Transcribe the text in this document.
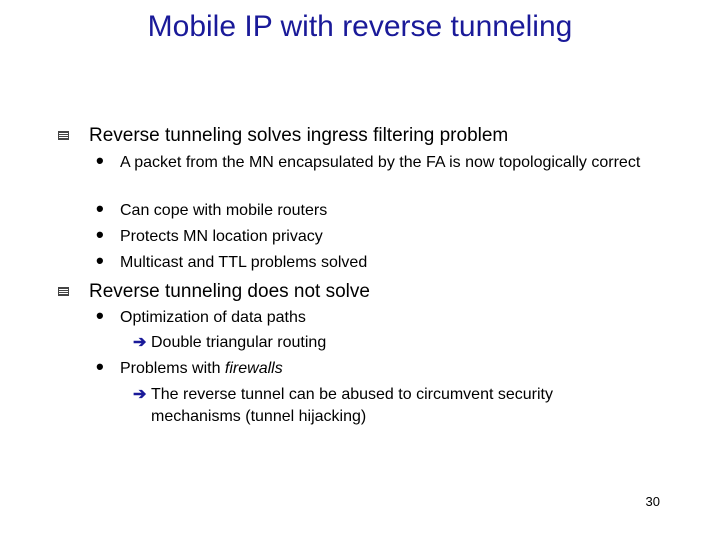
Mobile IP with reverse tunneling
Reverse tunneling solves ingress filtering problem
•	A packet from the MN encapsulated by the FA is now topologically correct
•	Can cope with mobile routers
•	Protects MN location privacy
•	Multicast and TTL problems solved
Reverse tunneling does not solve
•	Optimization of data paths
➔ Double triangular routing
•	Problems with firewalls
➔ The reverse tunnel can be abused to circumvent security mechanisms (tunnel hijacking)
30
